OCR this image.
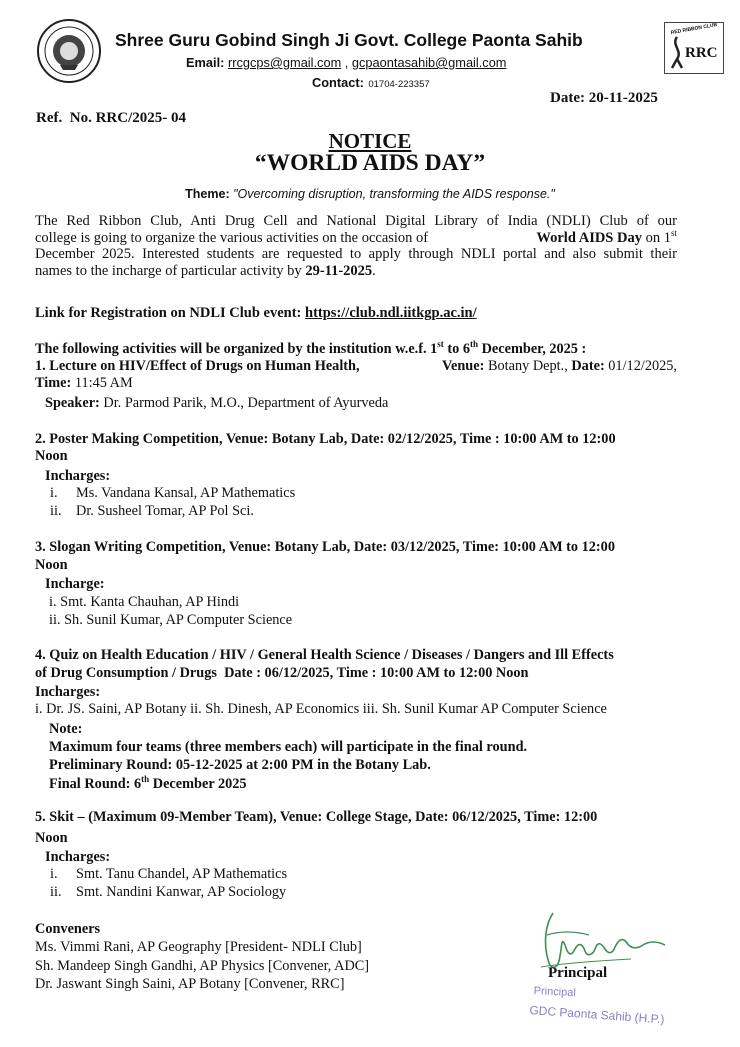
Shree Guru Gobind Singh Ji Govt. College Paonta Sahib
Email: rrcgcps@gmail.com , gcpaontasahib@gmail.com
Contact: 01704-223357
RED RIBBON CLUB
RRC
Date: 20-11-2025
Ref.  No. RRC/2025- 04
NOTICE
“WORLD AIDS DAY”
Theme: "Overcoming disruption, transforming the AIDS response."
The Red Ribbon Club, Anti Drug Cell and National Digital Library of India (NDLI) Club of our
college is going to organize the various activities on the occasion of	World AIDS Day on 1st
December 2025. Interested students are requested to apply through NDLI portal and also submit their
names to the incharge of particular activity by 29-11-2025.
Link for Registration on NDLI Club event: https://club.ndl.iitkgp.ac.in/
The following activities will be organized by the institution w.e.f. 1st to 6th December, 2025 :
1. Lecture on HIV/Effect of Drugs on Human Health,	Venue: Botany Dept., Date: 01/12/2025,
Time: 11:45 AM
Speaker: Dr. Parmod Parik, M.O., Department of Ayurveda
2. Poster Making Competition, Venue: Botany Lab, Date: 02/12/2025, Time : 10:00 AM to 12:00
Noon
Incharges:
i. Ms. Vandana Kansal, AP Mathematics
ii. Dr. Susheel Tomar, AP Pol Sci.
3. Slogan Writing Competition, Venue: Botany Lab, Date: 03/12/2025, Time: 10:00 AM to 12:00
Noon
Incharge:
i. Smt. Kanta Chauhan, AP Hindi
ii. Sh. Sunil Kumar, AP Computer Science
4. Quiz on Health Education / HIV / General Health Science / Diseases / Dangers and Ill Effects
of Drug Consumption / Drugs  Date : 06/12/2025, Time : 10:00 AM to 12:00 Noon
Incharges:
i. Dr. JS. Saini, AP Botany ii. Sh. Dinesh, AP Economics iii. Sh. Sunil Kumar AP Computer Science
Note:
Maximum four teams (three members each) will participate in the final round.
Preliminary Round: 05-12-2025 at 2:00 PM in the Botany Lab.
Final Round: 6th December 2025
5. Skit – (Maximum 09-Member Team), Venue: College Stage, Date: 06/12/2025, Time: 12:00
Noon
Incharges:
i. Smt. Tanu Chandel, AP Mathematics
ii. Smt. Nandini Kanwar, AP Sociology
Conveners
Ms. Vimmi Rani, AP Geography [President- NDLI Club]
Sh. Mandeep Singh Gandhi, AP Physics [Convener, ADC]
Dr. Jaswant Singh Saini, AP Botany [Convener, RRC]
Principal
Principal
GDC Paonta Sahib (H.P.)
